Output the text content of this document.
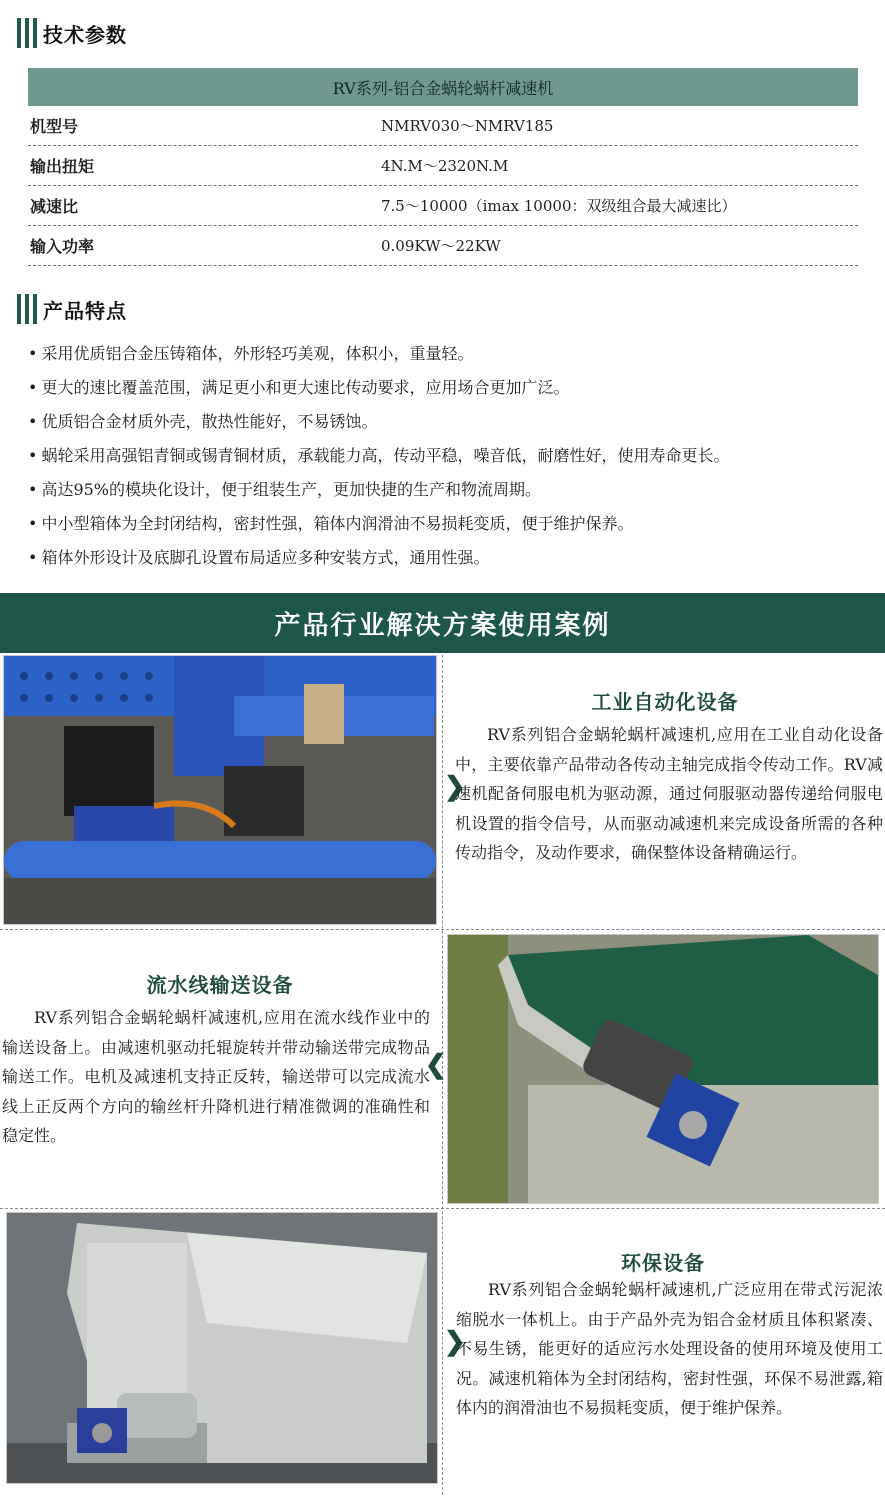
技术参数
RV系列-铝合金蜗轮蜗杆减速机
机型号	NMRV030～NMRV185
输出扭矩	4N.M～2320N.M
减速比	7.5～10000（imax 10000：双级组合最大减速比）
输入功率	0.09KW～22KW
产品特点
• 采用优质铝合金压铸箱体，外形轻巧美观，体积小，重量轻。
• 更大的速比覆盖范围，满足更小和更大速比传动要求，应用场合更加广泛。
• 优质铝合金材质外壳，散热性能好，不易锈蚀。
• 蜗轮采用高强铝青铜或锡青铜材质，承载能力高，传动平稳，噪音低，耐磨性好，使用寿命更长。
• 高达95%的模块化设计，便于组装生产，更加快捷的生产和物流周期。
• 中小型箱体为全封闭结构，密封性强，箱体内润滑油不易损耗变质，便于维护保养。
• 箱体外形设计及底脚孔设置布局适应多种安装方式，通用性强。
产品行业解决方案使用案例
工业自动化设备
❯

RV系列铝合金蜗轮蜗杆减速机,应用在工业自动化设备中，主要依靠产品带动各传动主轴完成指令传动工作。RV减速机配备伺服电机为驱动源，通过伺服驱动器传递给伺服电机设置的指令信号，从而驱动减速机来完成设备所需的各种传动指令，及动作要求，确保整体设备精确运行。

流水线输送设备
❮

RV系列铝合金蜗轮蜗杆减速机,应用在流水线作业中的输送设备上。由减速机驱动托辊旋转并带动输送带完成物品输送工作。电机及减速机支持正反转，输送带可以完成流水线上正反两个方向的输丝杆升降机进行精准微调的准确性和稳定性。

环保设备
❯

RV系列铝合金蜗轮蜗杆减速机,广泛应用在带式污泥浓缩脱水一体机上。由于产品外壳为铝合金材质且体积紧凑、不易生锈，能更好的适应污水处理设备的使用环境及使用工况。减速机箱体为全封闭结构，密封性强，环保不易泄露,箱体内的润滑油也不易损耗变质，便于维护保养。
